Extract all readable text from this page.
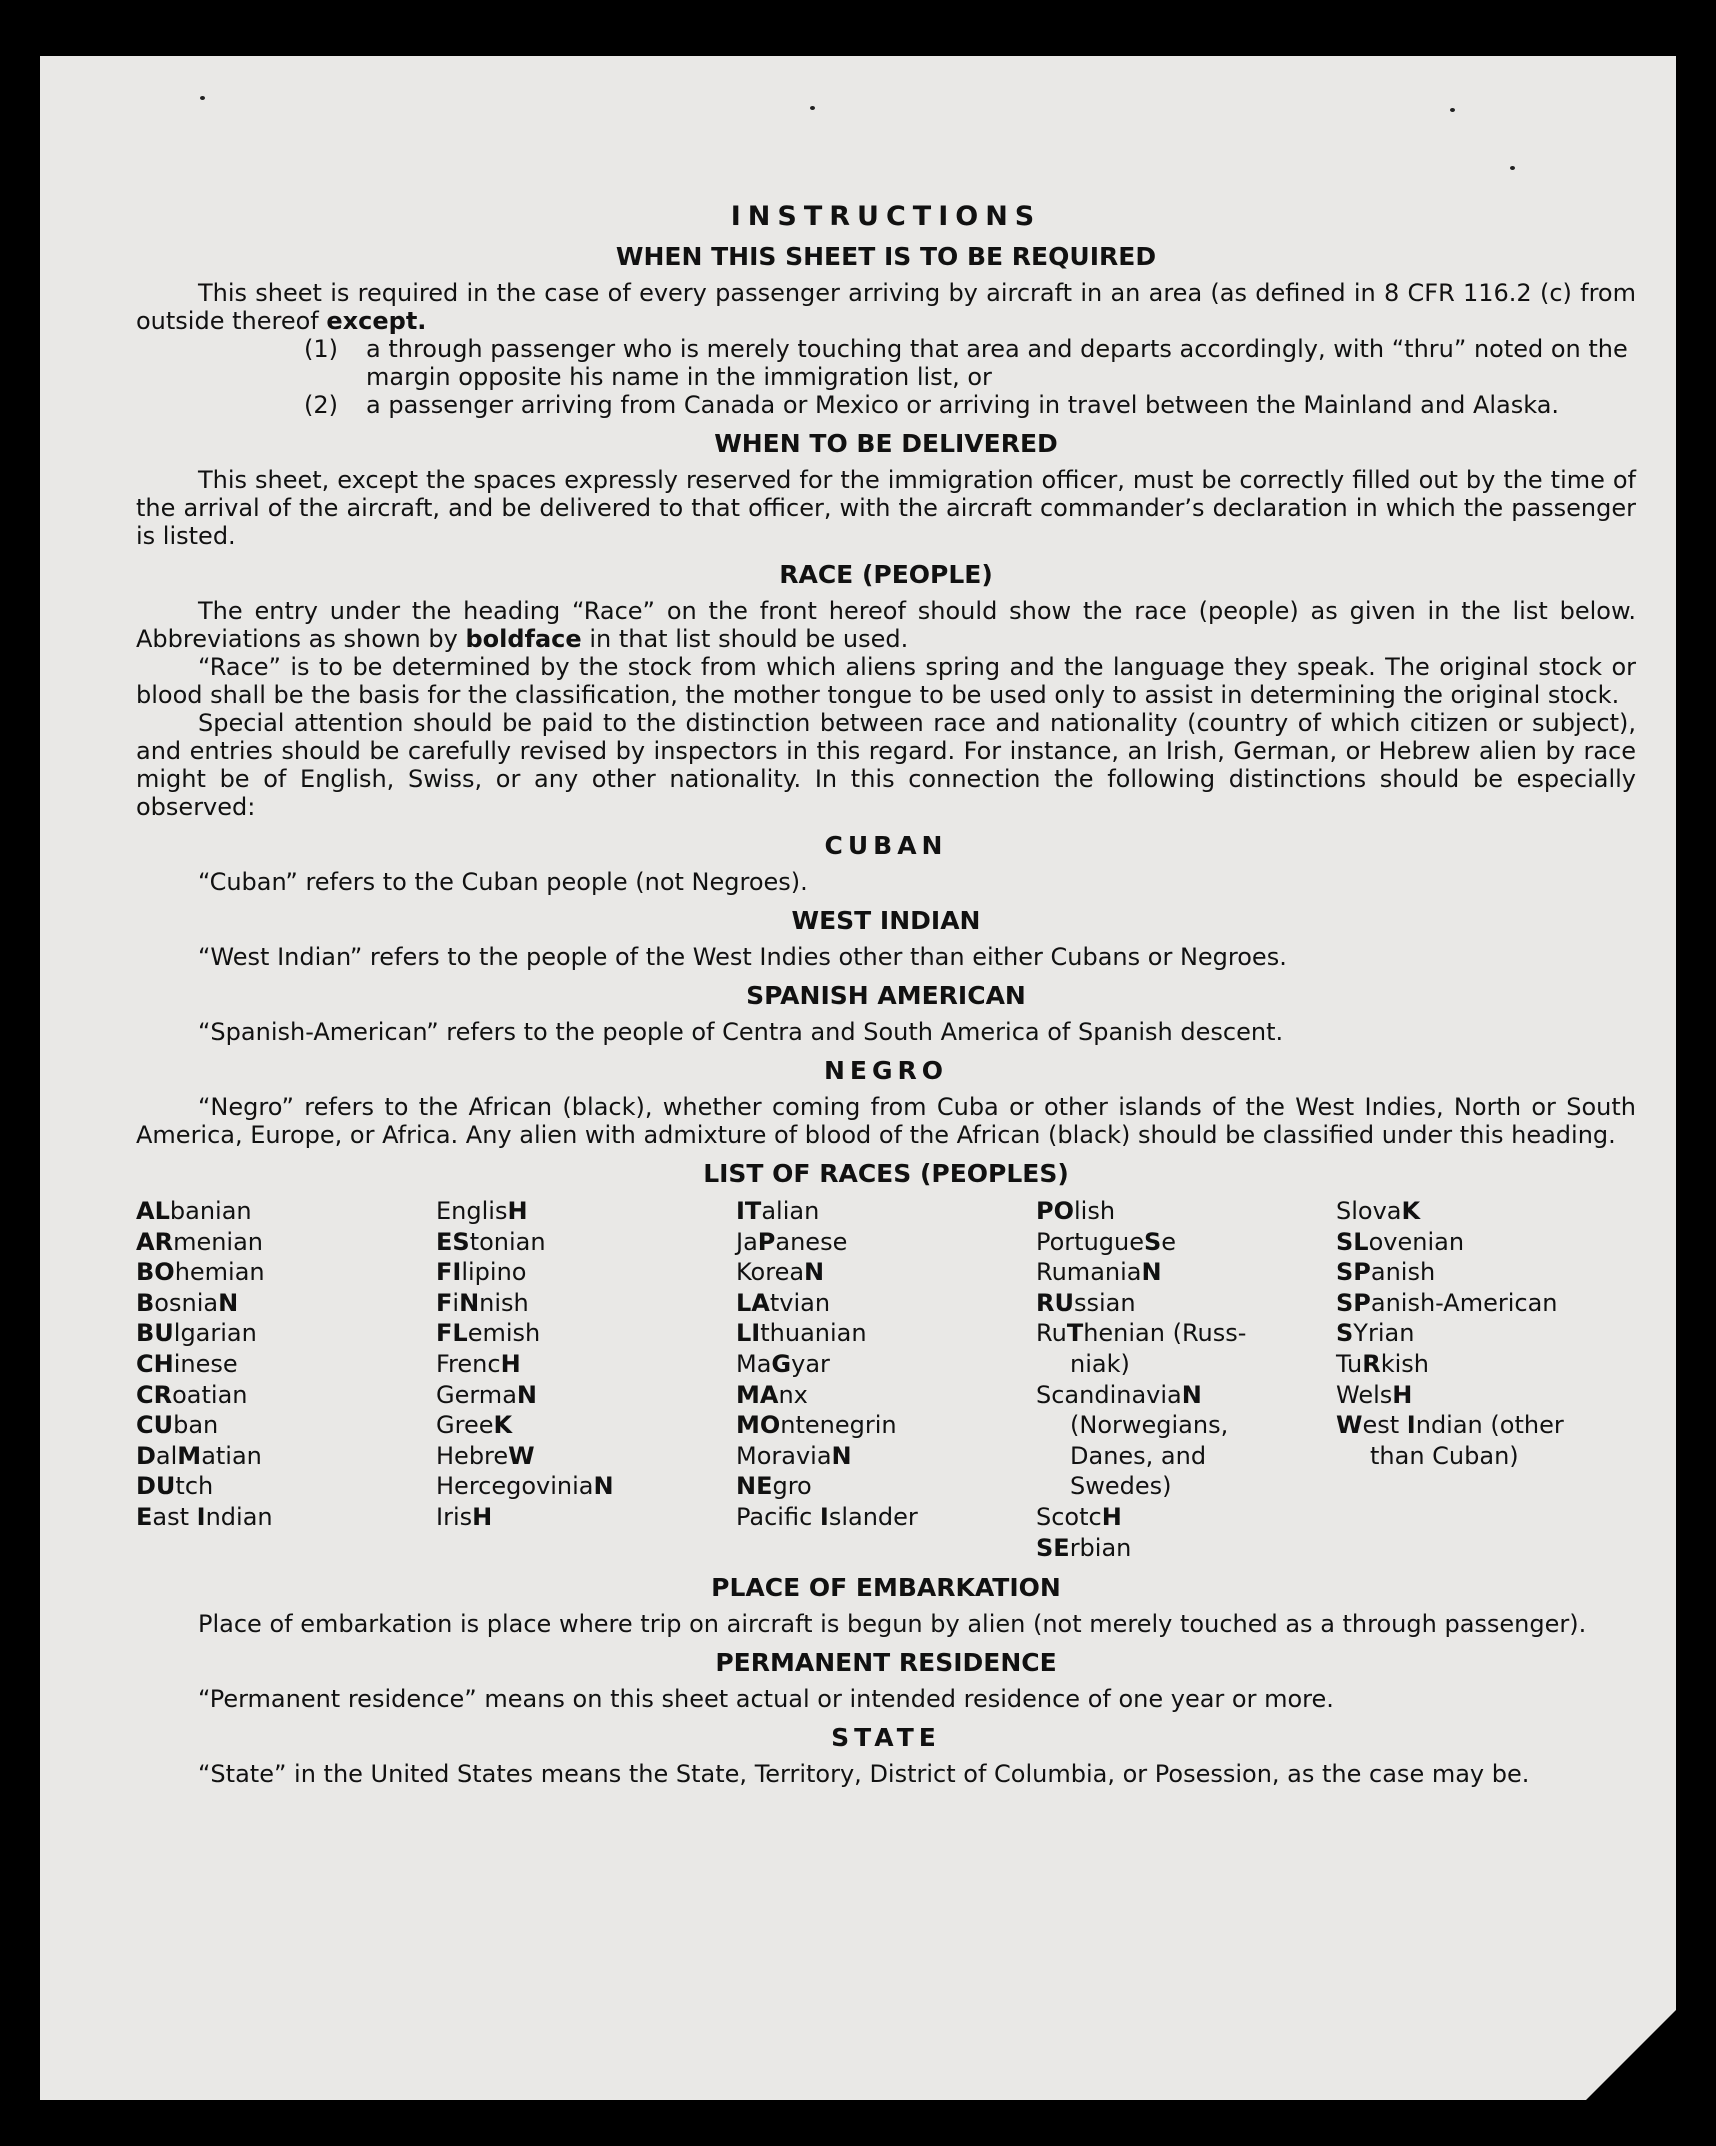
INSTRUCTIONS
WHEN THIS SHEET IS TO BE REQUIRED

This sheet is required in the case of every passenger arriving by aircraft in an area (as defined in 8 CFR 116.2 (c) from outside thereof except.

(1)	a through passenger who is merely touching that area and departs accordingly, with “thru” noted on the margin opposite his name in the immigration list, or
(2)	a passenger arriving from Canada or Mexico or arriving in travel between the Mainland and Alaska.
WHEN TO BE DELIVERED

This sheet, except the spaces expressly reserved for the immigration officer, must be correctly filled out by the time of the arrival of the aircraft, and be delivered to that officer, with the aircraft commander’s declaration in which the passenger is listed.

RACE (PEOPLE)

The entry under the heading “Race” on the front hereof should show the race (people) as given in the list below. Abbreviations as shown by boldface in that list should be used.

“Race” is to be determined by the stock from which aliens spring and the language they speak. The original stock or blood shall be the basis for the classification, the mother tongue to be used only to assist in determining the original stock.

Special attention should be paid to the distinction between race and nationality (country of which citizen or subject), and entries should be carefully revised by inspectors in this regard. For instance, an Irish, German, or Hebrew alien by race might be of English, Swiss, or any other nationality. In this connection the following distinctions should be especially observed:

CUBAN

“Cuban” refers to the Cuban people (not Negroes).

WEST INDIAN

“West Indian” refers to the people of the West Indies other than either Cubans or Negroes.

SPANISH AMERICAN

“Spanish-American” refers to the people of Centra and South America of Spanish descent.

NEGRO

“Negro” refers to the African (black), whether coming from Cuba or other islands of the West Indies, North or South America, Europe, or Africa. Any alien with admixture of blood of the African (black) should be classified under this heading.

LIST OF RACES (PEOPLES)
ALbanian
ARmenian
BOhemian
BosniaN
BUlgarian
CHinese
CRoatian
CUban
DalMatian
DUtch
East Indian
EnglisH
EStonian
FIlipino
FiNnish
FLemish
FrencH
GermaN
GreeK
HebreW
HercegoviniaN
IrisH
ITalian
JaPanese
KoreaN
LAtvian
LIthuanian
MaGyar
MAnx
MOntenegrin
MoraviaN
NEgro
Pacific Islander
POlish
PortugueSe
RumaniaN
RUssian
RuThenian (Russ-
niak)
ScandinaviaN
(Norwegians,
Danes, and
Swedes)
ScotcH
SErbian
SlovaK
SLovenian
SPanish
SPanish-American
SYrian
TuRkish
WelsH
West Indian (other
than Cuban)
PLACE OF EMBARKATION

Place of embarkation is place where trip on aircraft is begun by alien (not merely touched as a through passenger).

PERMANENT RESIDENCE

“Permanent residence” means on this sheet actual or intended residence of one year or more.

STATE

“State” in the United States means the State, Territory, District of Columbia, or Posession, as the case may be.
